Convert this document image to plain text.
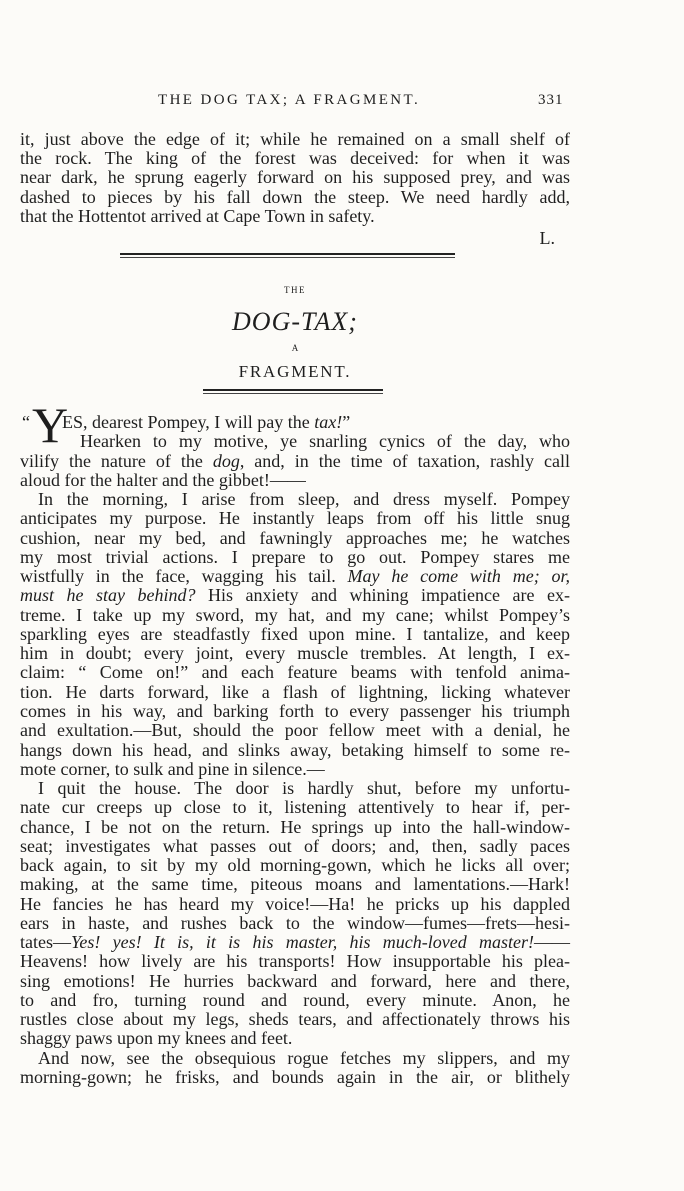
THE DOG TAX; A FRAGMENT.	331
it, just above the edge of it; while he remained on a small shelf of
the rock. The king of the forest was deceived: for when it was
near dark, he sprung eagerly forward on his supposed prey, and was
dashed to pieces by his fall down the steep. We need hardly add,
that the Hottentot arrived at Cape Town in safety.
L.
THE
DOG-TAX;
A
FRAGMENT.
“ Y
ES, dearest Pompey, I will pay the tax!”
Hearken to my motive, ye snarling cynics of the day, who
vilify the nature of the dog, and, in the time of taxation, rashly call
aloud for the halter and the gibbet!——
In the morning, I arise from sleep, and dress myself. Pompey
anticipates my purpose. He instantly leaps from off his little snug
cushion, near my bed, and fawningly approaches me; he watches
my most trivial actions. I prepare to go out. Pompey stares me
wistfully in the face, wagging his tail. May he come with me; or,
must he stay behind? His anxiety and whining impatience are ex-
treme. I take up my sword, my hat, and my cane; whilst Pompey’s
sparkling eyes are steadfastly fixed upon mine. I tantalize, and keep
him in doubt; every joint, every muscle trembles. At length, I ex-
claim: “ Come on!” and each feature beams with tenfold anima-
tion. He darts forward, like a flash of lightning, licking whatever
comes in his way, and barking forth to every passenger his triumph
and exultation.—But, should the poor fellow meet with a denial, he
hangs down his head, and slinks away, betaking himself to some re-
mote corner, to sulk and pine in silence.—
I quit the house. The door is hardly shut, before my unfortu-
nate cur creeps up close to it, listening attentively to hear if, per-
chance, I be not on the return. He springs up into the hall-window-
seat; investigates what passes out of doors; and, then, sadly paces
back again, to sit by my old morning-gown, which he licks all over;
making, at the same time, piteous moans and lamentations.—Hark!
He fancies he has heard my voice!—Ha! he pricks up his dappled
ears in haste, and rushes back to the window—fumes—frets—hesi-
tates—Yes! yes! It is, it is his master, his much-loved master!——
Heavens! how lively are his transports! How insupportable his plea-
sing emotions! He hurries backward and forward, here and there,
to and fro, turning round and round, every minute. Anon, he
rustles close about my legs, sheds tears, and affectionately throws his
shaggy paws upon my knees and feet.
And now, see the obsequious rogue fetches my slippers, and my
morning-gown; he frisks, and bounds again in the air, or blithely
